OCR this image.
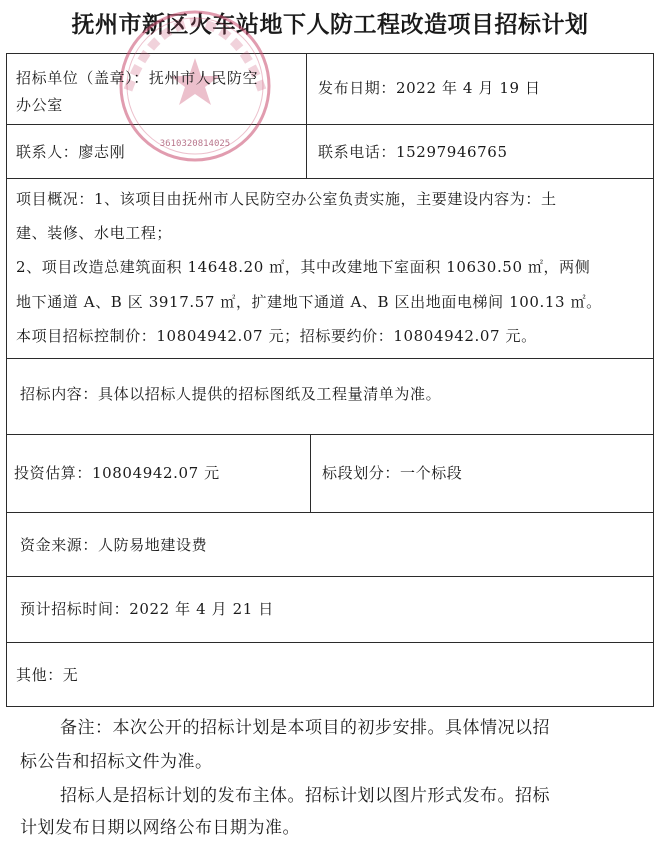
抚州市新区火车站地下人防工程改造项目招标计划
3610320814025
招标单位（盖章）：抚州市人民防空
办公室
发布日期：2022 年 4 月 19 日
联系人：廖志刚	联系电话：15297946765
项目概况：1、该项目由抚州市人民防空办公室负责实施，主要建设内容为：土
建、装修、水电工程；
2、项目改造总建筑面积 14648.20 ㎡，其中改建地下室面积 10630.50 ㎡，两侧
地下通道 A、B 区 3917.57 ㎡，扩建地下通道 A、B 区出地面电梯间 100.13 ㎡。
本项目招标控制价：10804942.07 元；招标要约价：10804942.07 元。
招标内容：具体以招标人提供的招标图纸及工程量清单为准。
投资估算：10804942.07 元	标段划分：一个标段
资金来源：人防易地建设费
预计招标时间：2022 年 4 月 21 日
其他：无
备注：本次公开的招标计划是本项目的初步安排。具体情况以招
标公告和招标文件为准。
招标人是招标计划的发布主体。招标计划以图片形式发布。招标
计划发布日期以网络公布日期为准。
